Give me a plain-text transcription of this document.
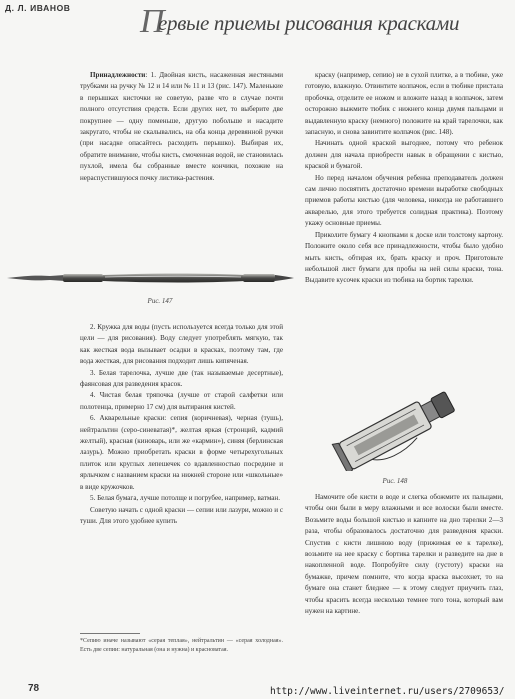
Д. Л. ИВАНОВ П
ервые приемы рисования красками

Принадлежности: 1. Двойная кисть, насаженная жестяными трубками на ручку № 12 и 14 или № 11 и 13 (рис. 147). Маленькие в перышках кисточки не советую, разве что в случае почти полного отсутствия средств. Если других нет, то выберите две покрупнее — одну поменьше, другую побольше и насадите закругато, чтобы не скалывались, на оба конца деревянной ручки (при насадке опасайтесь расходить перышко). Выбирая их, обратите внимание, чтобы кисть, смоченная водой, не становилась пухлой, имела бы собранные вместе кончики, похожие на нераспустившуюся почку листика-растения.

Рис. 147

2. Кружка для воды (пусть используется всегда только для этой цели — для рисования). Воду следует употреблять мягкую, так как жесткая вода вызывает осадки в красках, поэтому там, где вода жесткая, для рисования подходит лишь кипяченая.

3. Белая тарелочка, лучше две (так называемые десертные), фаянсовая для разведения красок.

4. Чистая белая тряпочка (лучше от старой салфетки или полотенца, примерно 17 см) для вытирания кистей.

6. Акварельные краски: сепия (коричневая), черная (тушь), нейтральтин (серо-синеватая)*, желтая яркая (стронций, кадмий желтый), красная (киноварь, или же «кармин»), синяя (берлинская лазурь). Можно приобретать краски в форме четырехугольных плиток или круглых лепешечек со вдавленностью посредине и ярлычком с названием краски на нижней стороне или «школьные» в виде кружочков.

5. Белая бумага, лучше потолще и погрубее, например, ватман.

Советую начать с одной краски — сепии или лазури, можно и с туши. Для этого удобнее купить

*Сепию иначе называют «серая теплая», нейтральтин — «серая холодная». Есть две сепии: натуральная (она и нужна) и красноватая.

краску (например, сепию) не в сухой плитке, а в тюбике, уже готовую, влажную. Отвинтите колпачок, если в тюбике пристала пробочка, отделите ее ножом и вложите назад в колпачок, затем осторожно выжмите тюбик с нижнего конца двумя пальцами и выдавленную краску (немного) положите на край тарелочки, как запасную, и снова завинтите колпачок (рис. 148).

Начинать одной краской выгоднее, потому что ребенок должен для начала приобрести навык в обращении с кистью, краской и бумагой.

Но перед началом обучения ребенка преподаватель должен сам лично посвятить достаточно времени выработке свободных приемов работы кистью (для человека, никогда не работавшего акварелью, для этого требуется солидная практика). Поэтому укажу основные приемы.

Приколите бумагу 4 кнопками к доске или толстому картону. Положите около себя все принадлежности, чтобы было удобно мыть кисть, обтирая их, брать краску и проч. Приготовьте небольшой лист бумаги для пробы на ней силы краски, тона. Выдавите кусочек краски из тюбика на бортик тарелки.

Рис. 148

Намочите обе кисти в воде и слегка обожмите их пальцами, чтобы они были в меру влажными и все волоски были вместе. Возьмите воды большой кистью и капните на дно тарелки 2—3 раза, чтобы образовалось достаточно для разведения краски. Спустив с кисти лишнюю воду (прижимая ее к тарелке), возьмите на нее краску с бортика тарелки и разведите на дне в накопленной воде. Попробуйте силу (густоту) краски на бумажке, причем помните, что когда краска высохнет, то на бумаге она станет бледнее — к этому следует приучить глаз, чтобы красить всегда несколько темнее того тона, который вам нужен на картине.

78	http://www.liveinternet.ru/users/2709653/
